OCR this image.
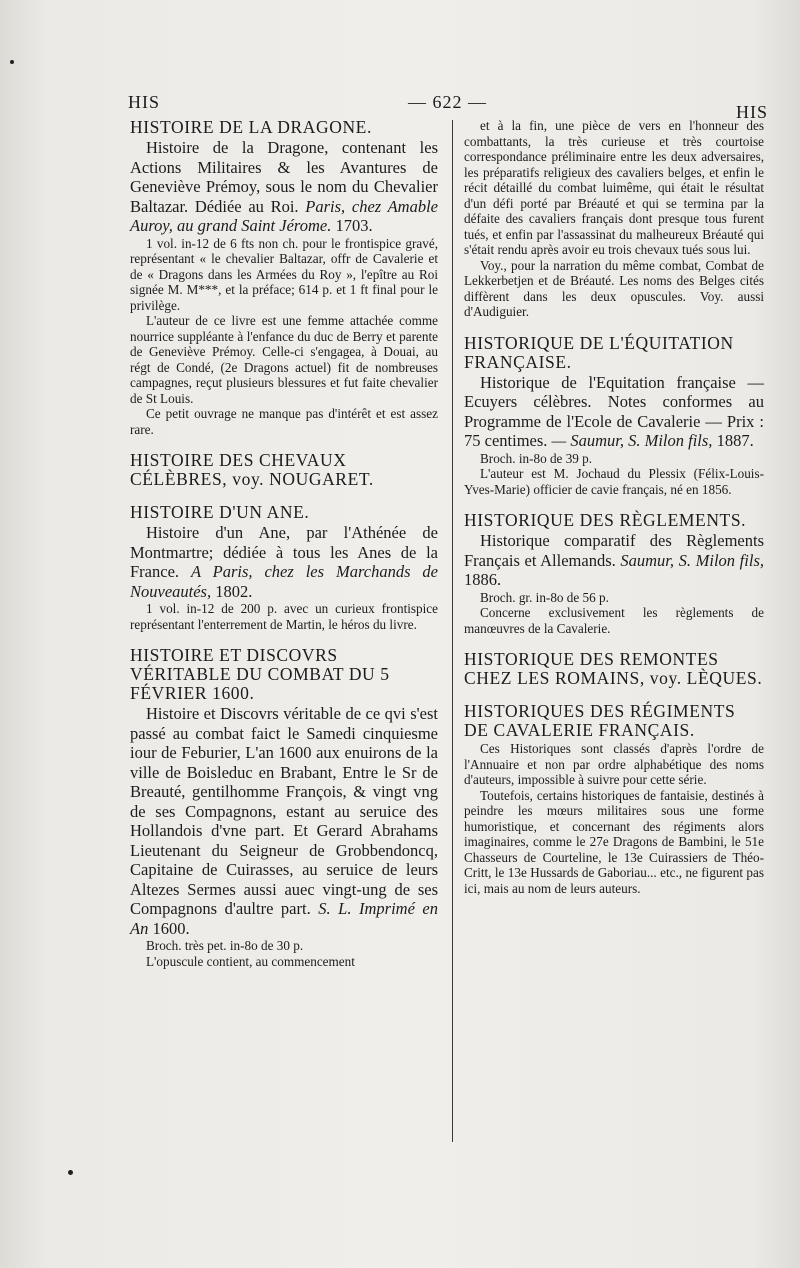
HIS	— 622 —	HIS
HISTOIRE DE LA DRAGONE.

Histoire de la Dragone, contenant les Actions Militaires & les Avantures de Geneviève Prémoy, sous le nom du Chevalier Baltazar. Dédiée au Roi. Paris, chez Amable Auroy, au grand Saint Jérome. 1703.

1 vol. in-12 de 6 fts non ch. pour le frontispice gravé, représentant « le chevalier Baltazar, offr de Cavalerie et de « Dragons dans les Armées du Roy », l'epître au Roi signée M. M***, et la préface; 614 p. et 1 ft final pour le privilège.

L'auteur de ce livre est une femme attachée comme nourrice suppléante à l'enfance du duc de Berry et parente de Geneviève Prémoy. Celle-ci s'engagea, à Douai, au régt de Condé, (2e Dragons actuel) fit de nombreuses campagnes, reçut plusieurs blessures et fut faite chevalier de St Louis.

Ce petit ouvrage ne manque pas d'intérêt et est assez rare.

HISTOIRE DES CHEVAUX CÉLÈBRES, voy. NOUGARET.
HISTOIRE D'UN ANE.

Histoire d'un Ane, par l'Athénée de Montmartre; dédiée à tous les Anes de la France. A Paris, chez les Marchands de Nouveautés, 1802.

1 vol. in-12 de 200 p. avec un curieux frontispice représentant l'enterrement de Martin, le héros du livre.

HISTOIRE ET DISCOVRS VÉRITABLE DU COMBAT DU 5 FÉVRIER 1600.

Histoire et Discovrs véritable de ce qvi s'est passé au combat faict le Samedi cinquiesme iour de Feburier, L'an 1600 aux enuirons de la ville de Boisleduc en Brabant, Entre le Sr de Breauté, gentilhomme François, & vingt vng de ses Compagnons, estant au seruice des Hollandois d'vne part. Et Gerard Abrahams Lieutenant du Seigneur de Grobbendoncq, Capitaine de Cuirasses, au seruice de leurs Altezes Sermes aussi auec vingt-ung de ses Compagnons d'aultre part. S. L. Imprimé en An 1600.

Broch. très pet. in-8o de 30 p.

L'opuscule contient, au commencement

et à la fin, une pièce de vers en l'honneur des combattants, la très curieuse et très courtoise correspondance préliminaire entre les deux adversaires, les préparatifs religieux des cavaliers belges, et enfin le récit détaillé du combat luimême, qui était le résultat d'un défi porté par Bréauté et qui se termina par la défaite des cavaliers français dont presque tous furent tués, et enfin par l'assassinat du malheureux Bréauté qui s'était rendu après avoir eu trois chevaux tués sous lui.

Voy., pour la narration du même combat, Combat de Lekkerbetjen et de Bréauté. Les noms des Belges cités diffèrent dans les deux opuscules. Voy. aussi d'Audiguier.

HISTORIQUE DE L'ÉQUITATION FRANÇAISE.

Historique de l'Equitation française — Ecuyers célèbres. Notes conformes au Programme de l'Ecole de Cavalerie — Prix : 75 centimes. — Saumur, S. Milon fils, 1887.

Broch. in-8o de 39 p.

L'auteur est M. Jochaud du Plessix (Félix-Louis-Yves-Marie) officier de cavie français, né en 1856.

HISTORIQUE DES RÈGLEMENTS.

Historique comparatif des Règlements Français et Allemands. Saumur, S. Milon fils, 1886.

Broch. gr. in-8o de 56 p.

Concerne exclusivement les règlements de manœuvres de la Cavalerie.

HISTORIQUE DES REMONTES CHEZ LES ROMAINS, voy. LÈQUES.
HISTORIQUES DES RÉGIMENTS DE CAVALERIE FRANÇAIS.

Ces Historiques sont classés d'après l'ordre de l'Annuaire et non par ordre alphabétique des noms d'auteurs, impossible à suivre pour cette série.

Toutefois, certains historiques de fantaisie, destinés à peindre les mœurs militaires sous une forme humoristique, et concernant des régiments alors imaginaires, comme le 27e Dragons de Bambini, le 51e Chasseurs de Courteline, le 13e Cuirassiers de Théo-Critt, le 13e Hussards de Gaboriau... etc., ne figurent pas ici, mais au nom de leurs auteurs.
